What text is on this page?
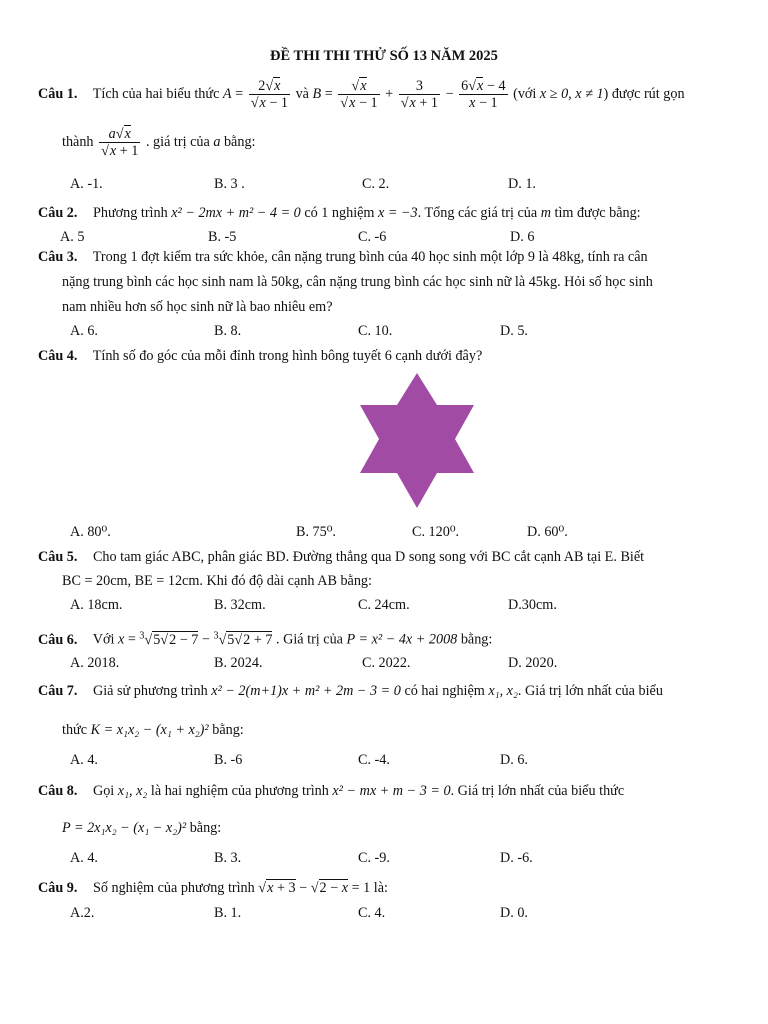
ĐỀ THI THI THỬ SỐ 13 NĂM 2025
Câu 1. Tích của hai biểu thức $A = \frac{2√x}{√x - 1}$ và $B = \frac{√x}{√x - 1} + \frac{3}{√x + 1} - \frac{6√x - 4}{x - 1}$ (với x ≥ 0, x ≠ 1) được rút gọn
thành $\frac{a√x}{√x + 1}$ . giá trị của a bằng:
A. -1.	B. 3 .	C. 2.	D. 1.
Câu 2. Phương trình x² − 2mx + m² − 4 = 0 có 1 nghiệm x = −3. Tổng các giá trị của m tìm được bằng:
A. 5	B. -5	C. -6	D. 6
Câu 3. Trong 1 đợt kiểm tra sức khỏe, cân nặng trung bình của 40 học sinh một lớp 9 là 48kg, tính ra cân
nặng trung bình các học sinh nam là 50kg, cân nặng trung bình các học sinh nữ là 45kg. Hỏi số học sinh
nam nhiều hơn số học sinh nữ là bao nhiêu em?
A. 6.	B. 8.	C. 10.	D. 5.
Câu 4. Tính số đo góc của mỗi đỉnh trong hình bông tuyết 6 cạnh dưới đây?
A. 80⁰.	B. 75⁰.	C. 120⁰.	D. 60⁰.
Câu 5. Cho tam giác ABC, phân giác BD. Đường thẳng qua D song song với BC cắt cạnh AB tại E. Biết
BC = 20cm, BE = 12cm. Khi đó độ dài cạnh AB bằng:
A. 18cm.	B. 32cm.	C. 24cm.	D.30cm.
Câu 6. Với x = $^3$√5√2 − 7 − $^3$√5√2 + 7 . Giá trị của P = x² − 4x + 2008 bằng:
A. 2018.	B. 2024.	C. 2022.	D. 2020.
Câu 7. Giả sử phương trình x² − 2(m+1)x + m² + 2m − 3 = 0 có hai nghiệm x₁, x₂. Giá trị lớn nhất của biểu
thức K = x₁x₂ − (x₁ + x₂)² bằng:
A. 4.	B. -6	C. -4.	D. 6.
Câu 8. Gọi x₁, x₂ là hai nghiệm của phương trình x² − mx + m − 3 = 0. Giá trị lớn nhất của biểu thức
P = 2x₁x₂ − (x₁ − x₂)² bằng:
A. 4.	B. 3.	C. -9.	D. -6.
Câu 9. Số nghiệm của phương trình √x + 3 − √2 − x = 1 là:
A.2.	B. 1.	C. 4.	D. 0.
